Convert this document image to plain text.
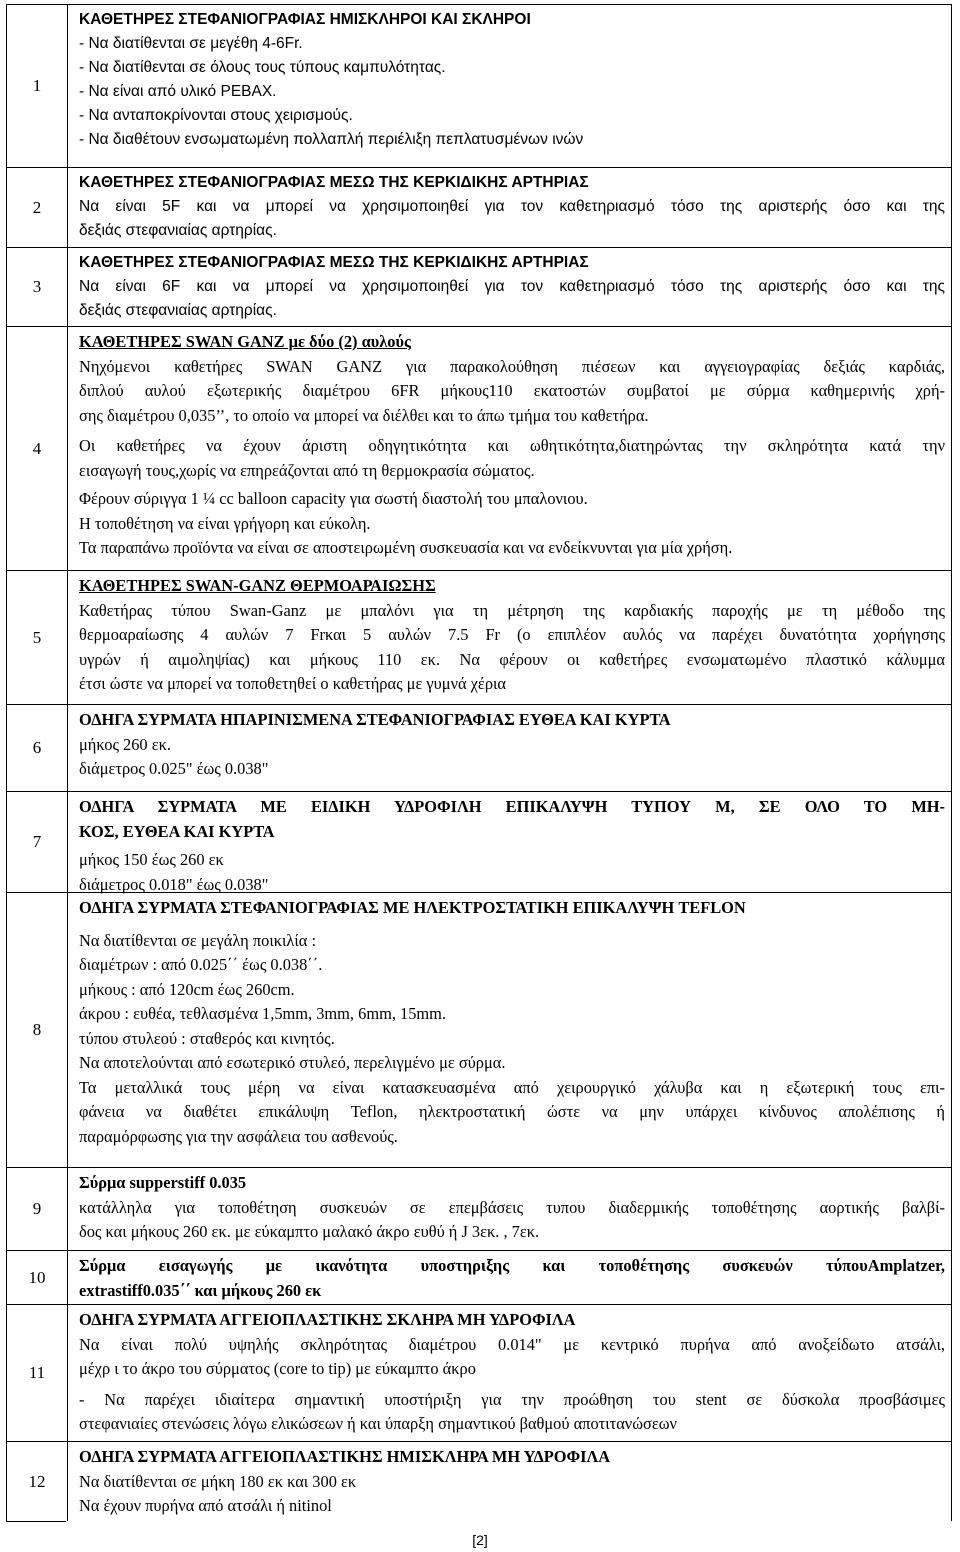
1
ΚΑΘΕΤΗΡΕΣ ΣΤΕΦΑΝΙΟΓΡΑΦΙΑΣ ΗΜΙΣΚΛΗΡΟΙ ΚΑΙ ΣΚΛΗΡΟΙ
- Να διατίθενται σε μεγέθη 4-6Fr.
- Να διατίθενται σε όλους τους τύπους καμπυλότητας.
- Να είναι από υλικό PEBAX.
- Να ανταποκρίνονται στους χειρισμούς.
- Να διαθέτουν ενσωματωμένη πολλαπλή περιέλιξη πεπλατυσμένων ινών
2
ΚΑΘΕΤΗΡΕΣ ΣΤΕΦΑΝΙΟΓΡΑΦΙΑΣ ΜΕΣΩ ΤΗΣ ΚΕΡΚΙΔΙΚΗΣ ΑΡΤΗΡΙΑΣ
Να είναι 5F και να μπορεί να χρησιμοποιηθεί για τον καθετηριασμό τόσο της αριστερής όσο και της
δεξιάς στεφανιαίας αρτηρίας.
3
ΚΑΘΕΤΗΡΕΣ ΣΤΕΦΑΝΙΟΓΡΑΦΙΑΣ ΜΕΣΩ ΤΗΣ ΚΕΡΚΙΔΙΚΗΣ ΑΡΤΗΡΙΑΣ
Να είναι 6F και να μπορεί να χρησιμοποιηθεί για τον καθετηριασμό τόσο της αριστερής όσο και της
δεξιάς στεφανιαίας αρτηρίας.
4
ΚΑΘΕΤΗΡΕΣ SWAN GANZ με δύο (2) αυλούς
Νηχόμενοι καθετήρες SWAN GANZ για παρακολούθηση πιέσεων και αγγειογραφίας δεξιάς καρδιάς,
διπλού αυλού εξωτερικής διαμέτρου 6FR μήκους110 εκατοστών συμβατοί με σύρμα καθημερινής χρή-
σης διαμέτρου 0,035’’, το οποίο να μπορεί να διέλθει και το άπω τμήμα του καθετήρα.
Οι καθετήρες να έχουν άριστη οδηγητικότητα και ωθητικότητα,διατηρώντας την σκληρότητα κατά την
εισαγωγή τους,χωρίς να επηρεάζονται από τη θερμοκρασία σώματος.
Φέρουν σύριγγα 1 ¼ cc balloon capacity για σωστή διαστολή του μπαλονιου.
Η τοποθέτηση να είναι γρήγορη και εύκολη.
Τα παραπάνω προϊόντα να είναι σε αποστειρωμένη συσκευασία και να ενδείκνυνται για μία χρήση.
5
ΚΑΘΕΤΗΡΕΣ SWAN-GANZ ΘΕΡΜΟΑΡΑΙΩΣΗΣ
Καθετήρας τύπου Swan-Ganz με μπαλόνι για τη μέτρηση της καρδιακής παροχής με τη μέθοδο της
θερμοαραίωσης 4 αυλών 7 Frκαι 5 αυλών 7.5 Fr (ο επιπλέον αυλός να παρέχει δυνατότητα χορήγησης
υγρών ή αιμοληψίας) και μήκους 110 εκ. Να φέρουν οι καθετήρες ενσωματωμένο πλαστικό κάλυμμα
έτσι ώστε να μπορεί να τοποθετηθεί ο καθετήρας με γυμνά χέρια
6
ΟΔΗΓΑ ΣΥΡΜΑΤΑ ΗΠΑΡΙΝΙΣΜΕΝΑ ΣΤΕΦΑΝΙΟΓΡΑΦΙΑΣ ΕΥΘΕΑ ΚΑΙ ΚΥΡΤΑ
μήκος 260 εκ.
διάμετρος 0.025" έως 0.038"
7
ΟΔΗΓΑ ΣΥΡΜΑΤΑ ΜΕ ΕΙΔΙΚΗ ΥΔΡΟΦΙΛΗ ΕΠΙΚΑΛΥΨΗ ΤΥΠΟΥ Μ, ΣΕ ΟΛΟ ΤΟ ΜΗ-
ΚΟΣ, ΕΥΘΕΑ ΚΑΙ ΚΥΡΤΑ
μήκος 150 έως 260 εκ
διάμετρος 0.018" έως 0.038"
8
ΟΔΗΓΑ ΣΥΡΜΑΤΑ ΣΤΕΦΑΝΙΟΓΡΑΦΙΑΣ ΜΕ ΗΛΕΚΤΡΟΣΤΑΤΙΚΗ ΕΠΙΚΑΛΥΨΗ TEFLON
Να διατίθενται σε μεγάλη ποικιλία :
διαμέτρων : από 0.025΄΄ έως 0.038΄΄.
μήκους : από 120cm έως 260cm.
άκρου : ευθέα, τεθλασμένα 1,5mm, 3mm, 6mm, 15mm.
τύπου στυλεού : σταθερός και κινητός.
Να αποτελούνται από εσωτερικό στυλεό, περελιγμένο με σύρμα.
Τα μεταλλικά τους μέρη να είναι κατασκευασμένα από χειρουργικό χάλυβα και η εξωτερική τους επι-
φάνεια να διαθέτει επικάλυψη Teflon, ηλεκτροστατική ώστε να μην υπάρχει κίνδυνος απολέπισης ή
παραμόρφωσης για την ασφάλεια του ασθενούς.
9
Σύρμα supperstiff 0.035
κατάλληλα για τοποθέτηση συσκευών σε επεμβάσεις τυπου διαδερμικής τοποθέτησης αορτικής βαλβί-
δος και μήκους 260 εκ. με εύκαμπτο μαλακό άκρο ευθύ ή J 3εκ. , 7εκ.
10
Σύρμα εισαγωγής με ικανότητα υποστηριξης και τοποθέτησης συσκευών τύπουAmplatzer,
extrastiff0.035΄΄ και μήκους 260 εκ
11
ΟΔΗΓΑ ΣΥΡΜΑΤΑ ΑΓΓΕΙΟΠΛΑΣΤΙΚΗΣ ΣΚΛΗΡΑ ΜΗ ΥΔΡΟΦΙΛΑ
Να είναι πολύ υψηλής σκληρότητας διαμέτρου 0.014" με κεντρικό πυρήνα από ανοξείδωτο ατσάλι,
μέχρ ι το άκρο του σύρματος (core to tip) με εύκαμπτο άκρο
- Να παρέχει ιδιαίτερα σημαντική υποστήριξη για την προώθηση του stent σε δύσκολα προσβάσιμες
στεφανιαίες στενώσεις λόγω ελικώσεων ή και ύπαρξη σημαντικού βαθμού αποτιτανώσεων
12
ΟΔΗΓΑ ΣΥΡΜΑΤΑ ΑΓΓΕΙΟΠΛΑΣΤΙΚΗΣ ΗΜΙΣΚΛΗΡΑ ΜΗ ΥΔΡΟΦΙΛΑ
Να διατίθενται σε μήκη 180 εκ και 300 εκ
Να έχουν πυρήνα από ατσάλι ή nitinol
[2]
